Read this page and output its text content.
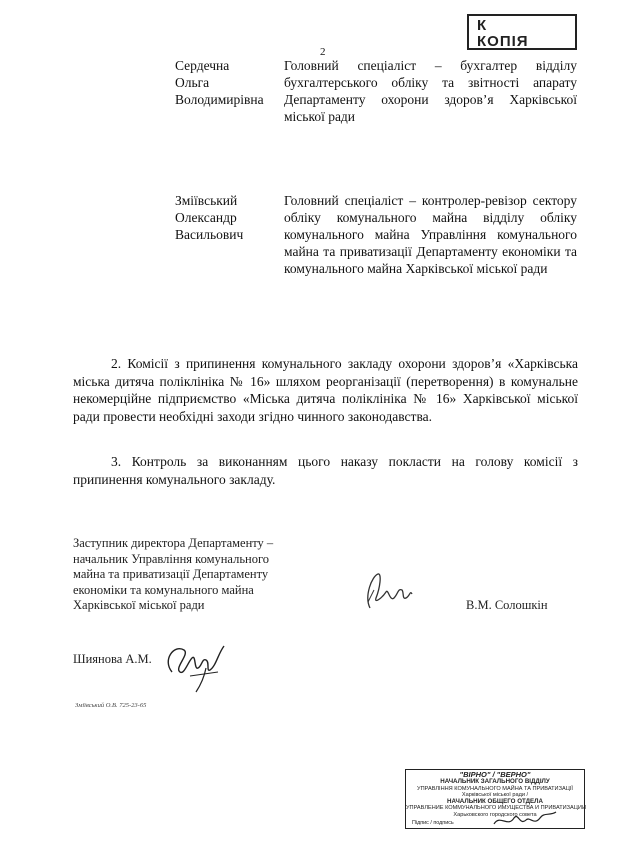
2
К
КОПІЯ
Сердечна
Ольга
Володимирівна
Головний спеціаліст – бухгалтер відділу бухгалтерського обліку та звітності апарату Департаменту охорони здоров’я Харківської міської ради
Зміївський
Олександр
Васильович
Головний спеціаліст – контролер-ревізор сектору обліку комунального майна відділу обліку комунального майна Управління комунального майна та приватизації Департаменту економіки та комунального майна Харківської міської ради
2. Комісії з припинення комунального закладу охорони здоров’я «Харківська міська дитяча поліклініка № 16» шляхом реорганізації (перетворення) в комунальне некомерційне підприємство «Міська дитяча поліклініка № 16» Харківської міської ради провести необхідні заходи згідно чинного законодавства.
3. Контроль за виконанням цього наказу покласти на голову комісії з припинення комунального закладу.
Заступник директора Департаменту –
начальник Управління комунального
майна та приватизації Департаменту
економіки та комунального майна
Харківської міської ради	В.М. Солошкін
Шиянова А.М.
Зміївський О.В. 725-23-65
"ВІРНО" / "ВЕРНО"
НАЧАЛЬНИК ЗАГАЛЬНОГО ВІДДІЛУ
УПРАВЛІННЯ КОМУНАЛЬНОГО МАЙНА ТА ПРИВАТИЗАЦІЇ
Харківської міської ради /
НАЧАЛЬНИК ОБЩЕГО ОТДЕЛА
УПРАВЛЕНИЕ КОММУНАЛЬНОГО ИМУЩЕСТВА И ПРИВАТИЗАЦИИ
Харьковского городского совета
Підпис / подпись
